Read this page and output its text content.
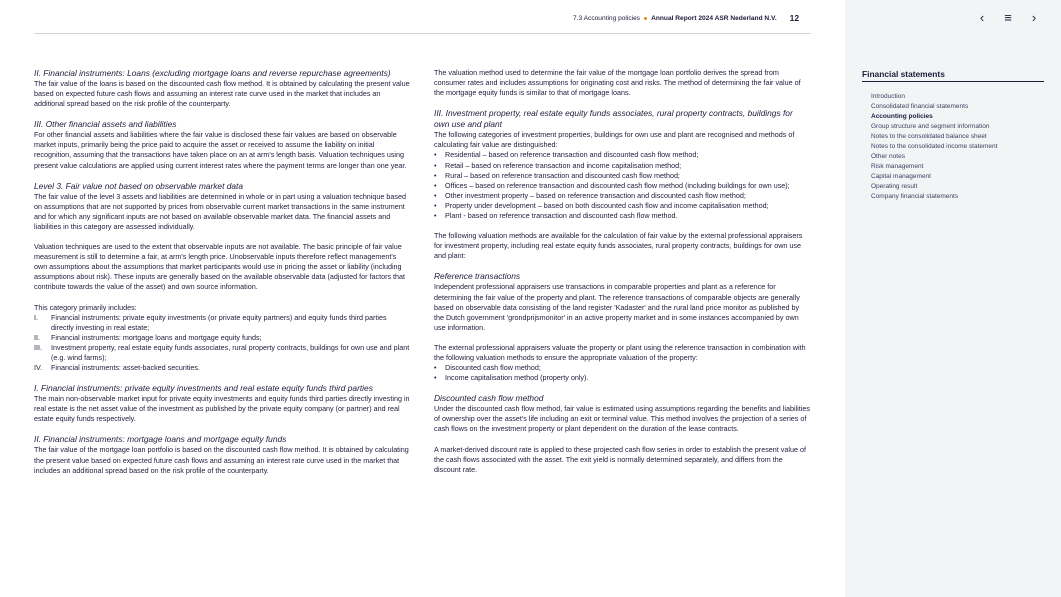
7.3 Accounting policies Annual Report 2024 ASR Nederland N.V. 12

II. Financial instruments: Loans (excluding mortgage loans and reverse repurchase agreements)

The fair value of the loans is based on the discounted cash flow method. It is obtained by calculating the present value based on expected future cash flows and assuming an interest rate curve used in the market that includes an additional spread based on the risk profile of the counterparty.

III. Other financial assets and liabilities

For other financial assets and liabilities where the fair value is disclosed these fair values are based on observable market inputs, primarily being the price paid to acquire the asset or received to assume the liability on initial recognition, assuming that the transactions have taken place on an at arm's length basis. Valuation techniques using present value calculations are applied using current interest rates where the payment terms are longer than one year.

Level 3. Fair value not based on observable market data

The fair value of the level 3 assets and liabilities are determined in whole or in part using a valuation technique based on assumptions that are not supported by prices from observable current market transactions in the same instrument and for which any significant inputs are not based on available observable market data. The financial assets and liabilities in this category are assessed individually.

Valuation techniques are used to the extent that observable inputs are not available. The basic principle of fair value measurement is still to determine a fair, at arm's length price. Unobservable inputs therefore reflect management's own assumptions about the assumptions that market participants would use in pricing the asset or liability (including assumptions about risk). These inputs are generally based on the available observable data (adjusted for factors that contribute towards the value of the asset) and own source information.

This category primarily includes:

I. Financial instruments: private equity investments (or private equity partners) and equity funds third parties directly investing in real estate;
II. Financial instruments: mortgage loans and mortgage equity funds;
III. Investment property, real estate equity funds associates, rural property contracts, buildings for own use and plant (e.g. wind farms);
IV. Financial instruments: asset-backed securities.

I. Financial instruments: private equity investments and real estate equity funds third parties

The main non-observable market input for private equity investments and equity funds third parties directly investing in real estate is the net asset value of the investment as published by the private equity company (or partner) and real estate equity funds respectively.

II. Financial instruments: mortgage loans and mortgage equity funds

The fair value of the mortgage loan portfolio is based on the discounted cash flow method. It is obtained by calculating the present value based on expected future cash flows and assuming an interest rate curve used in the market that includes an additional spread based on the risk profile of the counterparty.

The valuation method used to determine the fair value of the mortgage loan portfolio derives the spread from consumer rates and includes assumptions for originating cost and risks. The method of determining the fair value of the mortgage equity funds is similar to that of mortgage loans.

III. Investment property, real estate equity funds associates, rural property contracts, buildings for own use and plant

The following categories of investment properties, buildings for own use and plant are recognised and methods of calculating fair value are distinguished:

• Residential – based on reference transaction and discounted cash flow method;
• Retail – based on reference transaction and income capitalisation method;
• Rural – based on reference transaction and discounted cash flow method;
• Offices – based on reference transaction and discounted cash flow method (including buildings for own use);
• Other investment property – based on reference transaction and discounted cash flow method;
• Property under development – based on both discounted cash flow and income capitalisation method;
• Plant - based on reference transaction and discounted cash flow method.

The following valuation methods are available for the calculation of fair value by the external professional appraisers for investment property, including real estate equity funds associates, rural property contracts, buildings for own use and plant:

Reference transactions

Independent professional appraisers use transactions in comparable properties and plant as a reference for determining the fair value of the property and plant. The reference transactions of comparable objects are generally based on observable data consisting of the land register 'Kadaster' and the rural land price monitor as published by the Dutch government 'grondprijsmonitor' in an active property market and in some instances accompanied by own use information.

The external professional appraisers valuate the property or plant using the reference transaction in combination with the following valuation methods to ensure the appropriate valuation of the property:

• Discounted cash flow method;
• Income capitalisation method (property only).

Discounted cash flow method

Under the discounted cash flow method, fair value is estimated using assumptions regarding the benefits and liabilities of ownership over the asset's life including an exit or terminal value. This method involves the projection of a series of cash flows on the investment property or plant dependent on the duration of the lease contracts.

A market-derived discount rate is applied to these projected cash flow series in order to establish the present value of the cash flows associated with the asset. The exit yield is normally determined separately, and differs from the discount rate.

‹	≡	›
Financial statements
Introduction
Consolidated financial statements
Accounting policies
Group structure and segment information
Notes to the consolidated balance sheet
Notes to the consolidated income statement
Other notes
Risk management
Capital management
Operating result
Company financial statements
